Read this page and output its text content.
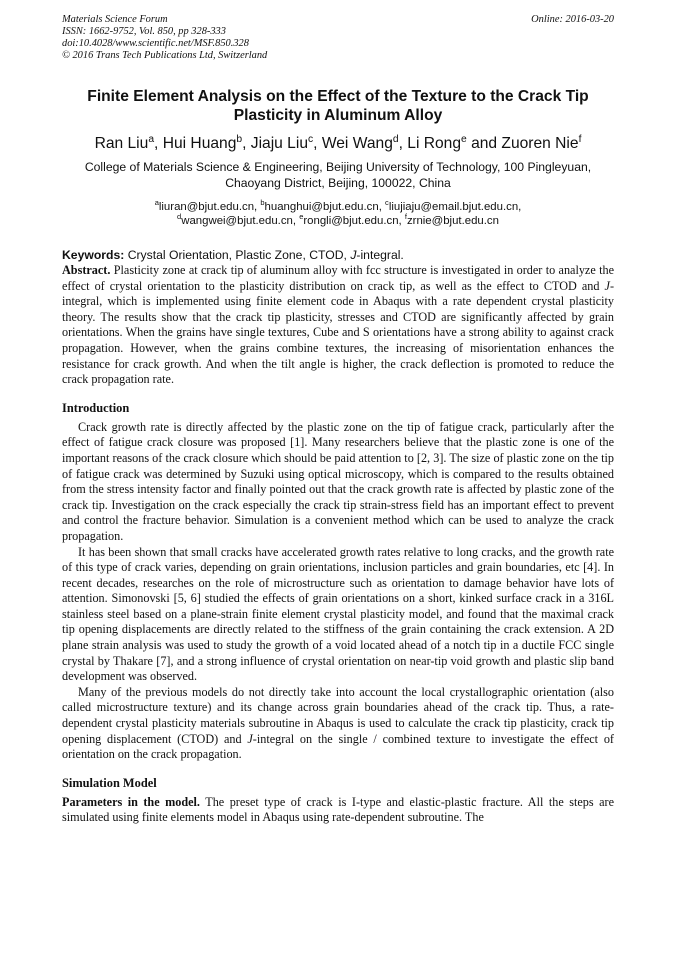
Materials Science Forum
ISSN: 1662-9752, Vol. 850, pp 328-333
doi:10.4028/www.scientific.net/MSF.850.328
© 2016 Trans Tech Publications Ltd, Switzerland
Online: 2016-03-20
Finite Element Analysis on the Effect of the Texture to the Crack Tip Plasticity in Aluminum Alloy
Ran Liu$^a$, Hui Huang$^b$, Jiaju Liu$^c$, Wei Wang$^d$, Li Rong$^e$ and Zuoren Nie$^f$
College of Materials Science & Engineering, Beijing University of Technology, 100 Pingleyuan, Chaoyang District, Beijing, 100022, China
$^a$liuran@bjut.edu.cn, $^b$huanghui@bjut.edu.cn, $^c$liujiaju@email.bjut.edu.cn,
$^d$wangwei@bjut.edu.cn, $^e$rongli@bjut.edu.cn, $^f$zrnie@bjut.edu.cn
Keywords: Crystal Orientation, Plastic Zone, CTOD, J-integral.

Abstract. Plasticity zone at crack tip of aluminum alloy with fcc structure is investigated in order to analyze the effect of crystal orientation to the plasticity distribution on crack tip, as well as the effect to CTOD and J-integral, which is implemented using finite element code in Abaqus with a rate dependent crystal plasticity theory. The results show that the crack tip plasticity, stresses and CTOD are significantly affected by grain orientations. When the grains have single textures, Cube and S orientations have a strong ability to against crack propagation. However, when the grains combine textures, the increasing of misorientation enhances the resistance for crack growth. And when the tilt angle is higher, the crack deflection is promoted to reduce the crack propagation rate.

Introduction

Crack growth rate is directly affected by the plastic zone on the tip of fatigue crack, particularly after the effect of fatigue crack closure was proposed [1]. Many researchers believe that the plastic zone is one of the important reasons of the crack closure which should be paid attention to [2, 3]. The size of plastic zone on the tip of fatigue crack was determined by Suzuki using optical microscopy, which is compared to the results obtained from the stress intensity factor and finally pointed out that the crack growth rate is affected by plastic zone of the crack tip. Investigation on the crack especially the crack tip strain-stress field has an important effect to prevent and control the fracture behavior. Simulation is a convenient method which can be used to analyze the crack propagation.

It has been shown that small cracks have accelerated growth rates relative to long cracks, and the growth rate of this type of crack varies, depending on grain orientations, inclusion particles and grain boundaries, etc [4]. In recent decades, researches on the role of microstructure such as orientation to damage behavior have lots of attention. Simonovski [5, 6] studied the effects of grain orientations on a short, kinked surface crack in a 316L stainless steel based on a plane-strain finite element crystal plasticity model, and found that the maximal crack tip opening displacements are directly related to the stiffness of the grain containing the crack extension. A 2D plane strain analysis was used to study the growth of a void located ahead of a notch tip in a ductile FCC single crystal by Thakare [7], and a strong influence of crystal orientation on near-tip void growth and plastic slip band development was observed.

Many of the previous models do not directly take into account the local crystallographic orientation (also called microstructure texture) and its change across grain boundaries ahead of the crack tip. Thus, a rate-dependent crystal plasticity materials subroutine in Abaqus is used to calculate the crack tip plasticity, crack tip opening displacement (CTOD) and J-integral on the single / combined texture to investigate the effect of orientation on the crack propagation.

Simulation Model

Parameters in the model. The preset type of crack is I-type and elastic-plastic fracture. All the steps are simulated using finite elements model in Abaqus using rate-dependent subroutine. The
